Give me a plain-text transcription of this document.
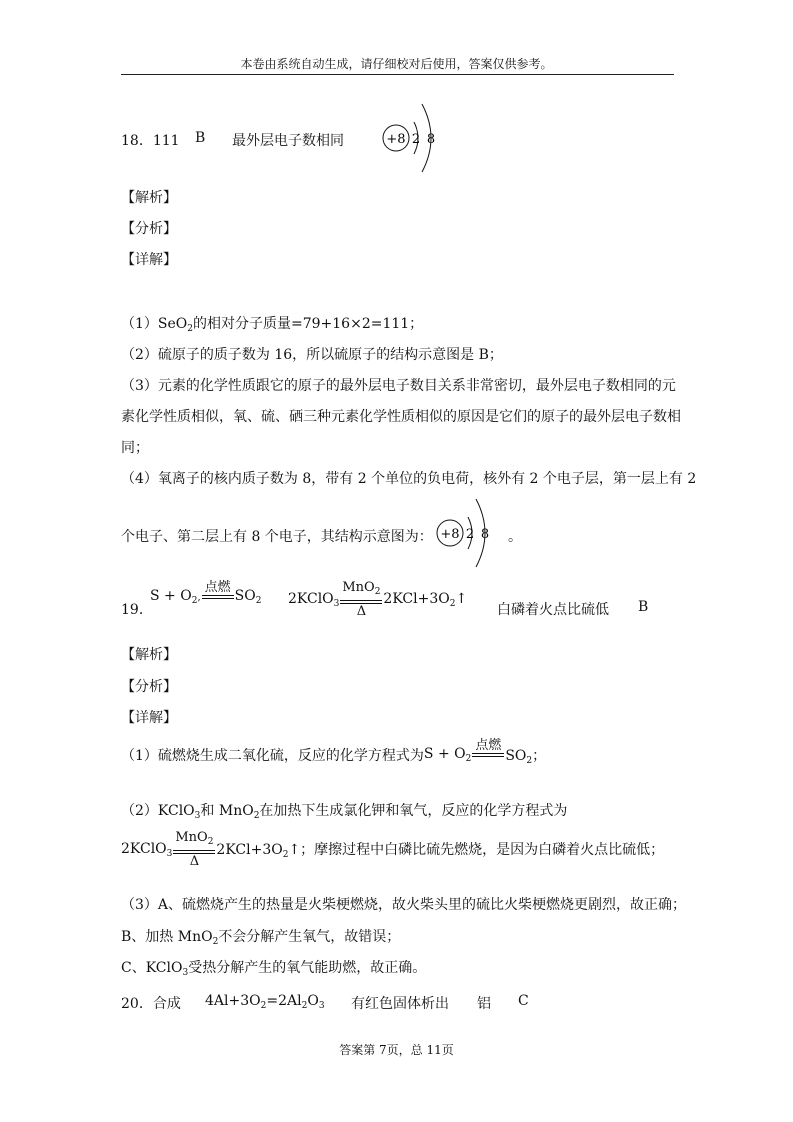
本卷由系统自动生成，请仔细校对后使用，答案仅供参考。
18．111 B 最外层电子数相同	+8 2 8
【解析】
【分析】
【详解】
（1）SeO$_2$的相对分子质量=79+16×2=111；
（2）硫原子的质子数为 16，所以硫原子的结构示意图是 B；
（3）元素的化学性质跟它的原子的最外层电子数目关系非常密切，最外层电子数相同的元
素化学性质相似，氧、硫、硒三种元素化学性质相似的原因是它们的原子的最外层电子数相
同；
（4）氧离子的核内质子数为 8，带有 2 个单位的负电荷，核外有 2 个电子层，第一层上有 2
个电子、第二层上有 8 个电子，其结构示意图为： +8 2 8 。
19．
$S + O_2$,
点燃

$SO_2$ 2KClO$_3$
MnO$_2$
Δ
$2KCl+3O_2↑$
白磷着火点比硫低 B
【解析】
【分析】
【详解】
（1）硫燃烧生成二氧化硫，反应的化学方程式为$S + O_2$
点燃

$SO_2$；
（2）KClO$_3$和 MnO$_2$在加热下生成氯化钾和氧气，反应的化学方程式为
2KClO$_3$
MnO$_2$
Δ
$2KCl+3O_2↑$；摩擦过程中白磷比硫先燃烧，是因为白磷着火点比硫低；
（3）A、硫燃烧产生的热量是火柴梗燃烧，故火柴头里的硫比火柴梗燃烧更剧烈，故正确；
B、加热 MnO$_2$不会分解产生氧气，故错误；
C、KClO$_3$受热分解产生的氧气能助燃，故正确。
20．合成 $4Al+3O_2=2Al_2O_3$ 有红色固体析出 铝 C
答案第 7页，总 11页
